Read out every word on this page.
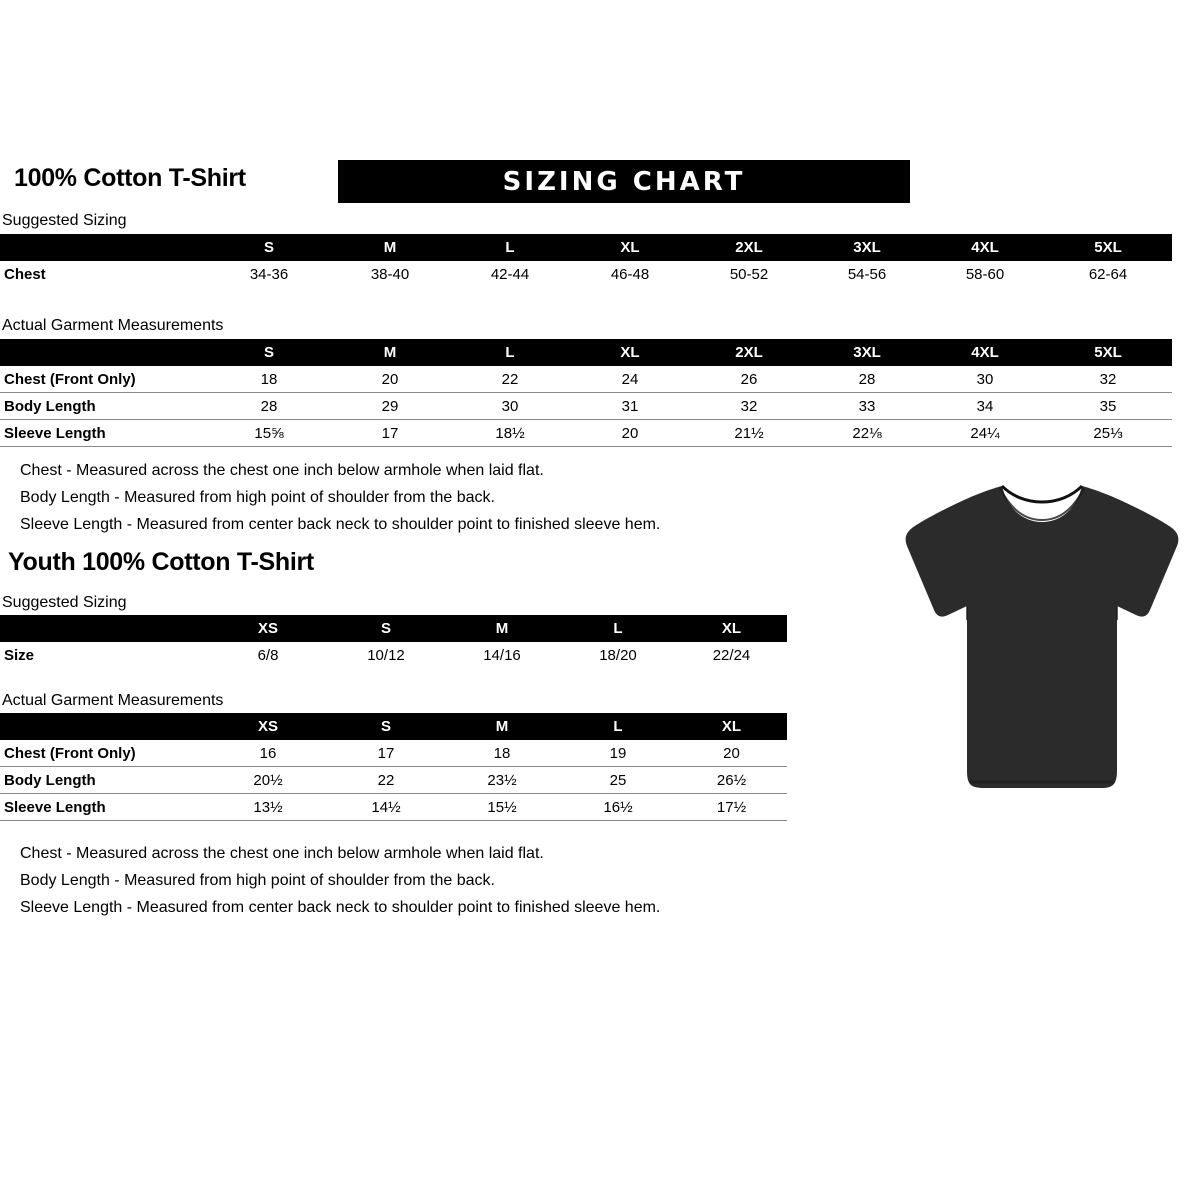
100% Cotton T-Shirt	SIZING CHART
Suggested Sizing
	S	M	L	XL	2XL	3XL	4XL	5XL
Chest	34-36	38-40	42-44	46-48	50-52	54-56	58-60	62-64
Actual Garment Measurements
	S	M	L	XL	2XL	3XL	4XL	5XL
Chest (Front Only)	18	20	22	24	26	28	30	32
Body Length	28	29	30	31	32	33	34	35
Sleeve Length	15⅝	17	18½	20	21½	22⅛	24¼	25⅓
Chest - Measured across the chest one inch below armhole when laid flat.
Body Length - Measured from high point of shoulder from the back.
Sleeve Length - Measured from center back neck to shoulder point to finished sleeve hem.
Youth 100% Cotton T-Shirt
Suggested Sizing
	XS	S	M	L	XL
Size	6/8	10/12	14/16	18/20	22/24
Actual Garment Measurements
	XS	S	M	L	XL
Chest (Front Only)	16	17	18	19	20
Body Length	20½	22	23½	25	26½
Sleeve Length	13½	14½	15½	16½	17½
Chest - Measured across the chest one inch below armhole when laid flat.
Body Length - Measured from high point of shoulder from the back.
Sleeve Length - Measured from center back neck to shoulder point to finished sleeve hem.
